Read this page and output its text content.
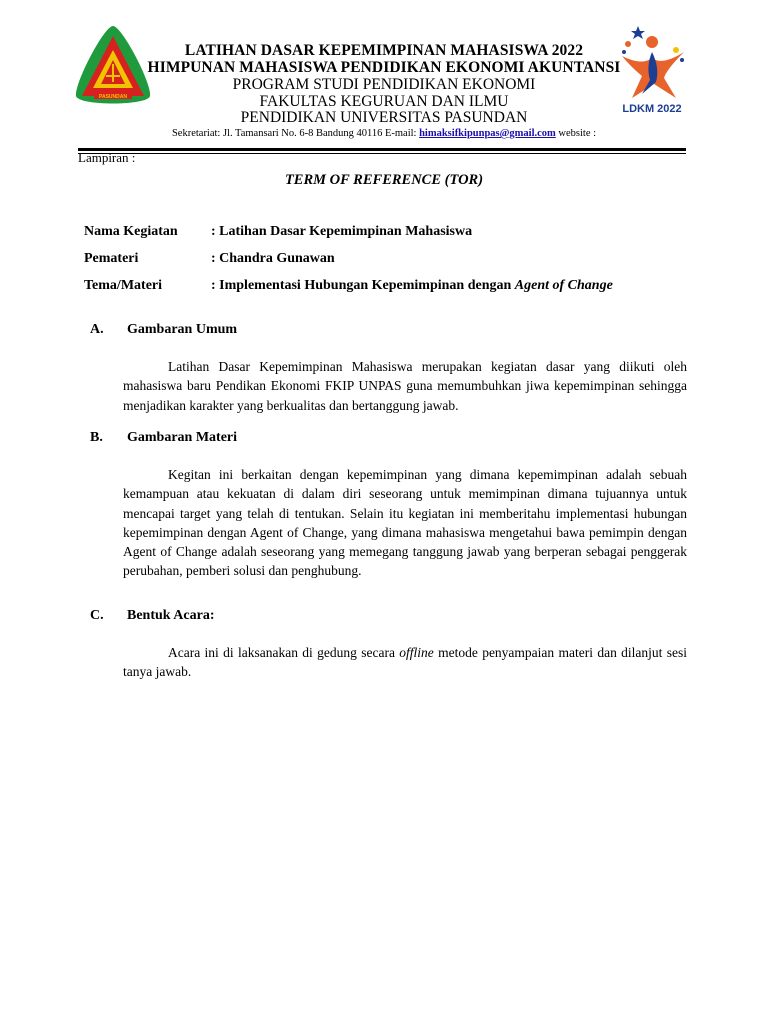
PASUNDAN
LDKM 2022
LATIHAN DASAR KEPEMIMPINAN MAHASISWA 2022
HIMPUNAN MAHASISWA PENDIDIKAN EKONOMI AKUNTANSI
PROGRAM STUDI PENDIDIKAN EKONOMI
FAKULTAS KEGURUAN DAN ILMU
PENDIDIKAN UNIVERSITAS PASUNDAN
Sekretariat: Jl. Tamansari No. 6-8 Bandung 40116 E-mail: himaksifkipunpas@gmail.com website :
Lampiran :
TERM OF REFERENCE (TOR)
Nama Kegiatan : Latihan Dasar Kepemimpinan Mahasiswa
Pemateri	: Chandra Gunawan
Tema/Materi	: Implementasi Hubungan Kepemimpinan dengan Agent of Change
A. Gambaran Umum

Latihan Dasar Kepemimpinan Mahasiswa merupakan kegiatan dasar yang diikuti oleh mahasiswa baru Pendikan Ekonomi FKIP UNPAS guna memumbuhkan jiwa kepemimpinan sehingga menjadikan karakter yang berkualitas dan bertanggung jawab.

B. Gambaran Materi

Kegitan ini berkaitan dengan kepemimpinan yang dimana kepemimpinan adalah sebuah kemampuan atau kekuatan di dalam diri seseorang untuk memimpinan dimana tujuannya untuk mencapai target yang telah di tentukan. Selain itu kegiatan ini memberitahu implementasi hubungan kepemimpinan dengan Agent of Change, yang dimana mahasiswa mengetahui bawa pemimpin dengan Agent of Change adalah seseorang yang memegang tanggung jawab yang berperan sebagai penggerak perubahan, pemberi solusi dan penghubung.

C. Bentuk Acara:

Acara ini di laksanakan di gedung secara offline metode penyampaian materi dan dilanjut sesi tanya jawab.
